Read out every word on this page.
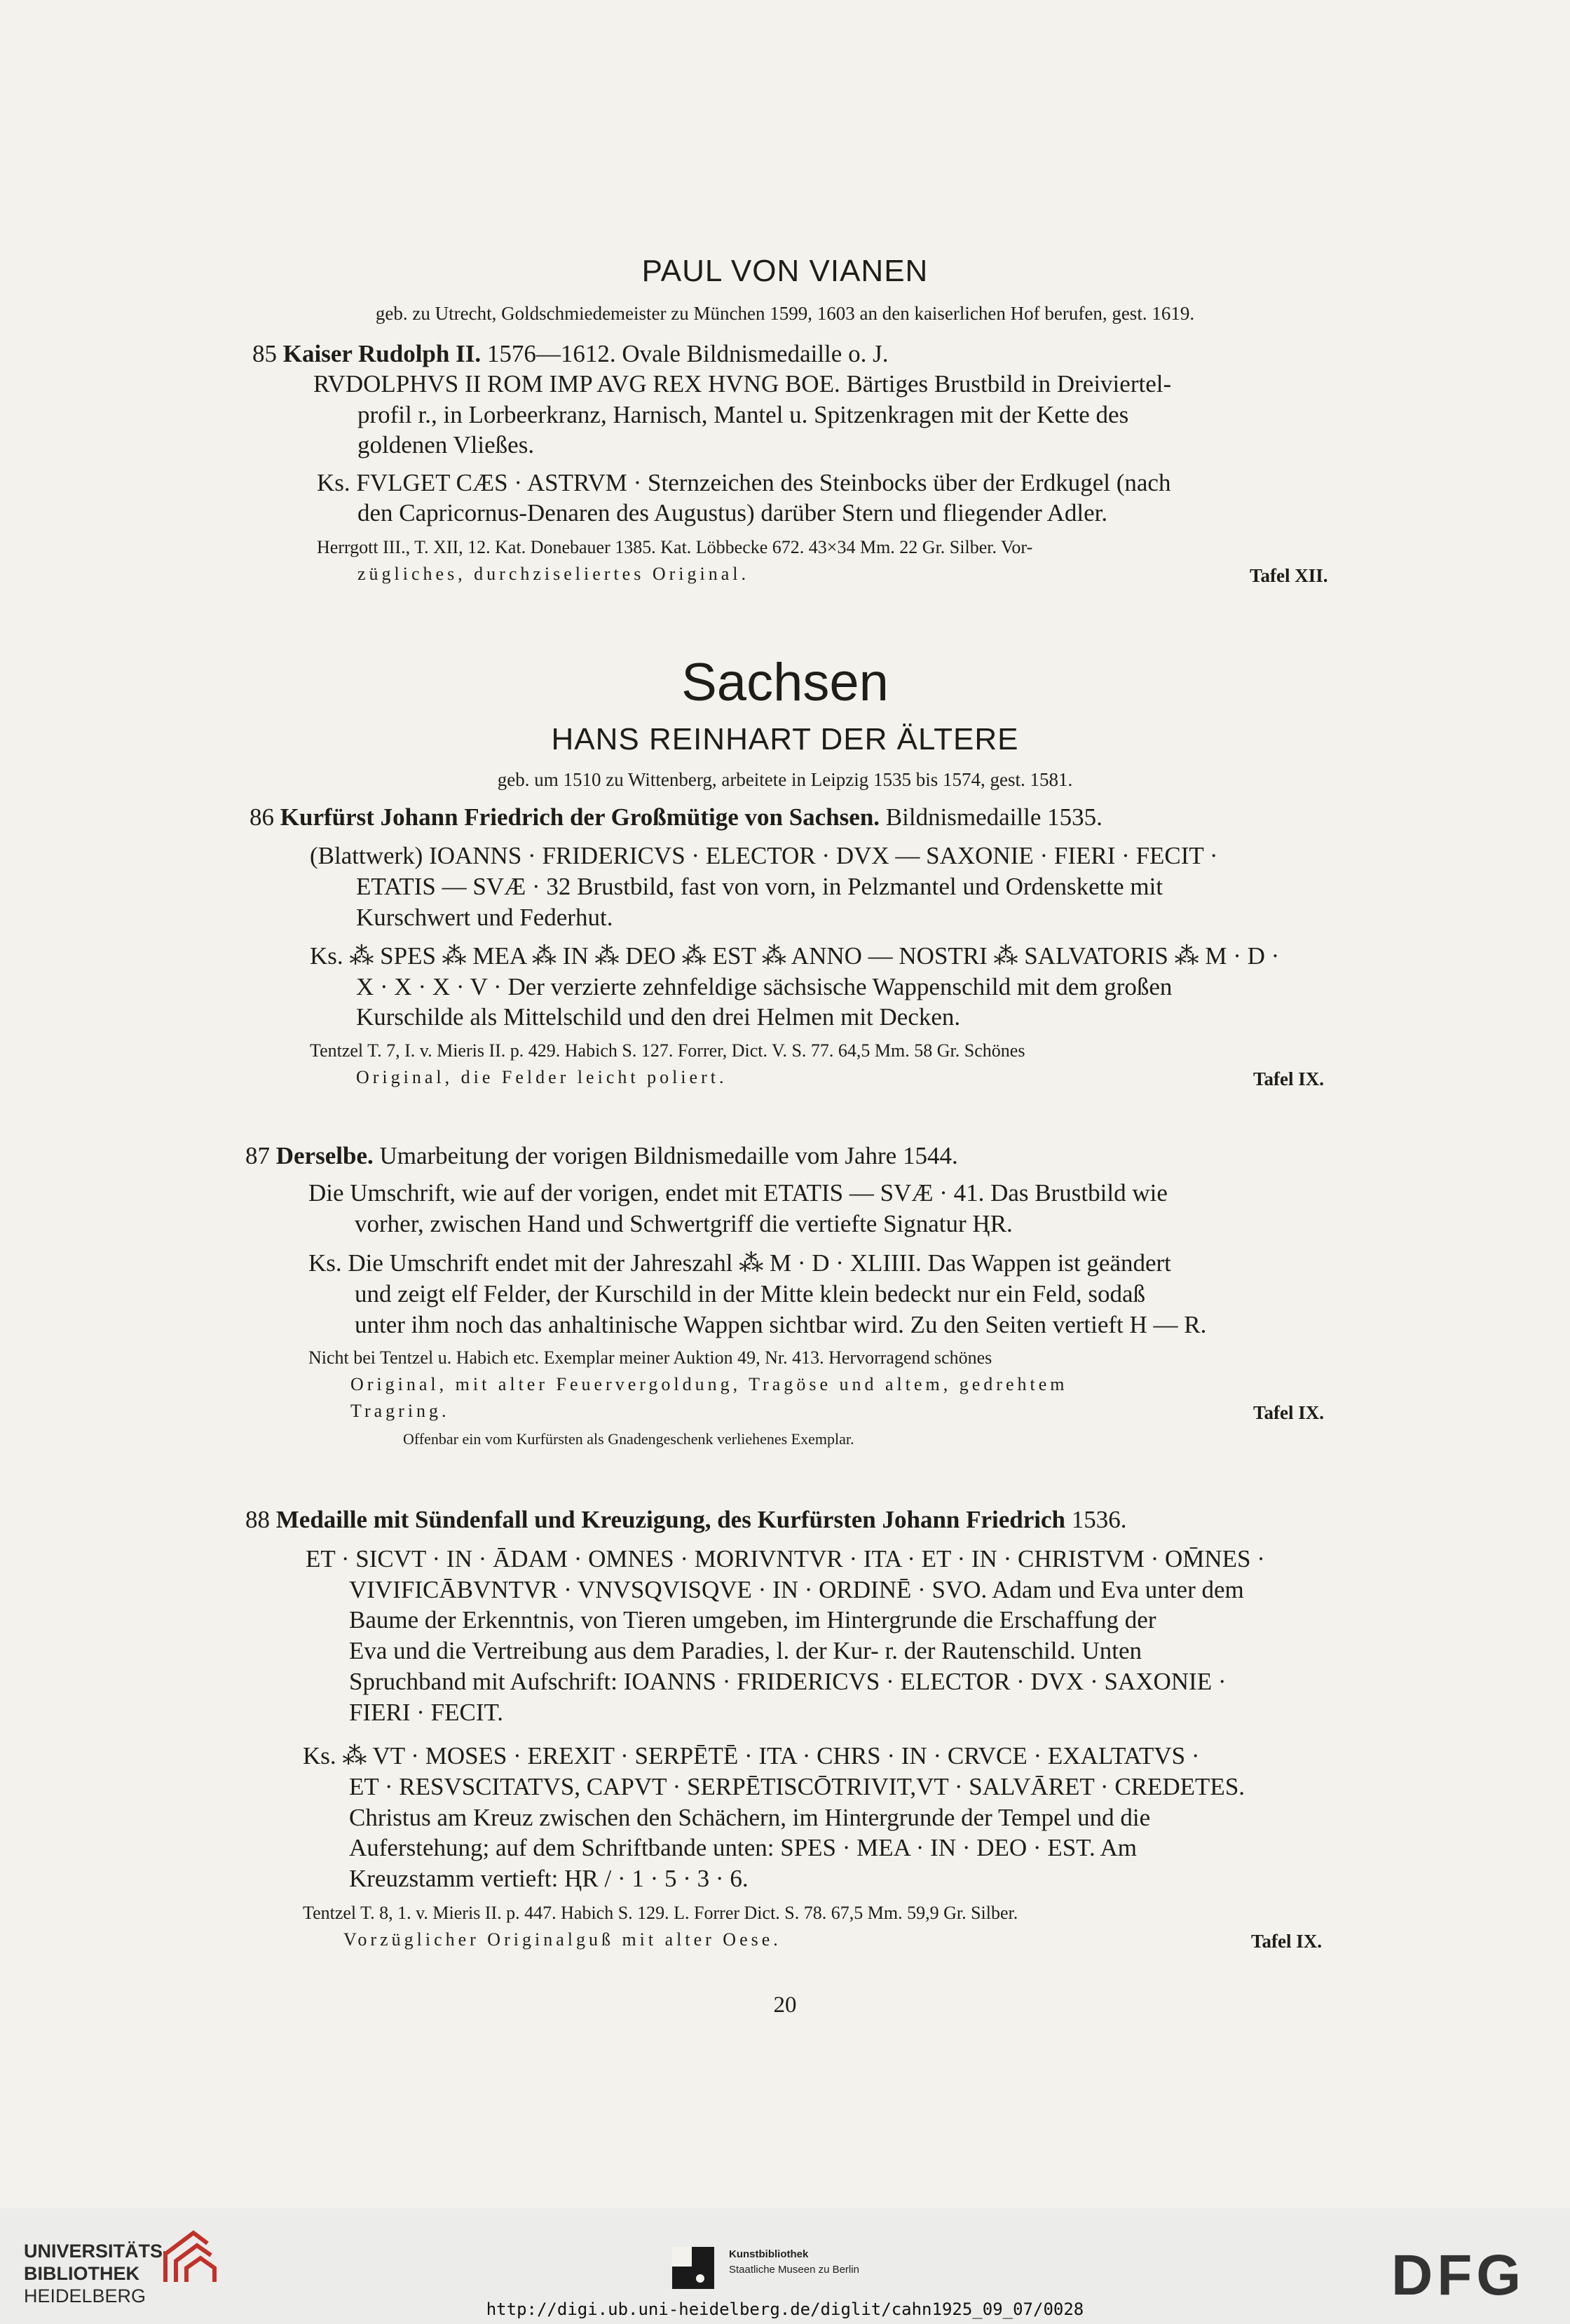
PAUL VON VIANEN
geb. zu Utrecht, Goldschmiedemeister zu München 1599, 1603 an den kaiserlichen Hof berufen, gest. 1619.
85 Kaiser Rudolph II. 1576—1612. Ovale Bildnismedaille o. J.
RVDOLPHVS II ROM IMP AVG REX HVNG BOE. Bärtiges Brustbild in Dreiviertel-
profil r., in Lorbeerkranz, Harnisch, Mantel u. Spitzenkragen mit der Kette des
goldenen Vließes.
Ks. FVLGET CÆS · ASTRVM · Sternzeichen des Steinbocks über der Erdkugel (nach
den Capricornus-Denaren des Augustus) darüber Stern und fliegender Adler.
Herrgott III., T. XII, 12. Kat. Donebauer 1385. Kat. Löbbecke 672. 43×34 Mm. 22 Gr. Silber. Vor-
zügliches, durchziseliertes Original.	Tafel XII.
Sachsen
HANS REINHART DER ÄLTERE
geb. um 1510 zu Wittenberg, arbeitete in Leipzig 1535 bis 1574, gest. 1581.
86 Kurfürst Johann Friedrich der Großmütige von Sachsen. Bildnismedaille 1535.
(Blattwerk) IOANNS · FRIDERICVS · ELECTOR · DVX — SAXONIE · FIERI · FECIT ·
ETATIS — SVÆ · 32 Brustbild, fast von vorn, in Pelzmantel und Ordenskette mit
Kurschwert und Federhut.
Ks. ⁂ SPES ⁂ MEA ⁂ IN ⁂ DEO ⁂ EST ⁂ ANNO — NOSTRI ⁂ SALVATORIS ⁂ M · D ·
X · X · X · V · Der verzierte zehnfeldige sächsische Wappenschild mit dem großen
Kurschilde als Mittelschild und den drei Helmen mit Decken.
Tentzel T. 7, I. v. Mieris II. p. 429. Habich S. 127. Forrer, Dict. V. S. 77. 64,5 Mm. 58 Gr. Schönes
Original, die Felder leicht poliert.	Tafel IX.
87 Derselbe. Umarbeitung der vorigen Bildnismedaille vom Jahre 1544.
Die Umschrift, wie auf der vorigen, endet mit ETATIS — SVÆ · 41. Das Brustbild wie
vorher, zwischen Hand und Schwertgriff die vertiefte Signatur ⱧR.
Ks. Die Umschrift endet mit der Jahreszahl ⁂ M · D · XLIIII. Das Wappen ist geändert
und zeigt elf Felder, der Kurschild in der Mitte klein bedeckt nur ein Feld, sodaß
unter ihm noch das anhaltinische Wappen sichtbar wird. Zu den Seiten vertieft H — R.
Nicht bei Tentzel u. Habich etc. Exemplar meiner Auktion 49, Nr. 413. Hervorragend schönes
Original, mit alter Feuervergoldung, Tragöse und altem, gedrehtem
Tragring.	Tafel IX.
Offenbar ein vom Kurfürsten als Gnadengeschenk verliehenes Exemplar.
88 Medaille mit Sündenfall und Kreuzigung, des Kurfürsten Johann Friedrich 1536.
ET · SICVT · IN · ĀDAM · OMNES · MORIVNTVR · ITA · ET · IN · CHRISTVM · OM̄NES ·
VIVIFICĀBVNTVR · VNVSQVISQVE · IN · ORDINĒ · SVO. Adam und Eva unter dem
Baume der Erkenntnis, von Tieren umgeben, im Hintergrunde die Erschaffung der
Eva und die Vertreibung aus dem Paradies, l. der Kur- r. der Rautenschild. Unten
Spruchband mit Aufschrift: IOANNS · FRIDERICVS · ELECTOR · DVX · SAXONIE ·
FIERI · FECIT.
Ks. ⁂ VT · MOSES · EREXIT · SERPĒTĒ · ITA · CHRS · IN · CRVCE · EXALTATVS ·
ET · RESVSCITATVS, CAPVT · SERPĒTISCŌTRIVIT,VT · SALVĀRET · CREDETES.
Christus am Kreuz zwischen den Schächern, im Hintergrunde der Tempel und die
Auferstehung; auf dem Schriftbande unten: SPES · MEA · IN · DEO · EST. Am
Kreuzstamm vertieft: ⱧR / · 1 · 5 · 3 · 6.
Tentzel T. 8, 1. v. Mieris II. p. 447. Habich S. 129. L. Forrer Dict. S. 78. 67,5 Mm. 59,9 Gr. Silber.
Vorzüglicher Originalguß mit alter Oese.	Tafel IX.
20
UNIVERSITÄTS-
BIBLIOTHEK
HEIDELBERG
Kunstbibliothek
Staatliche Museen zu Berlin	DFG
http://digi.ub.uni-heidelberg.de/diglit/cahn1925_09_07/0028
